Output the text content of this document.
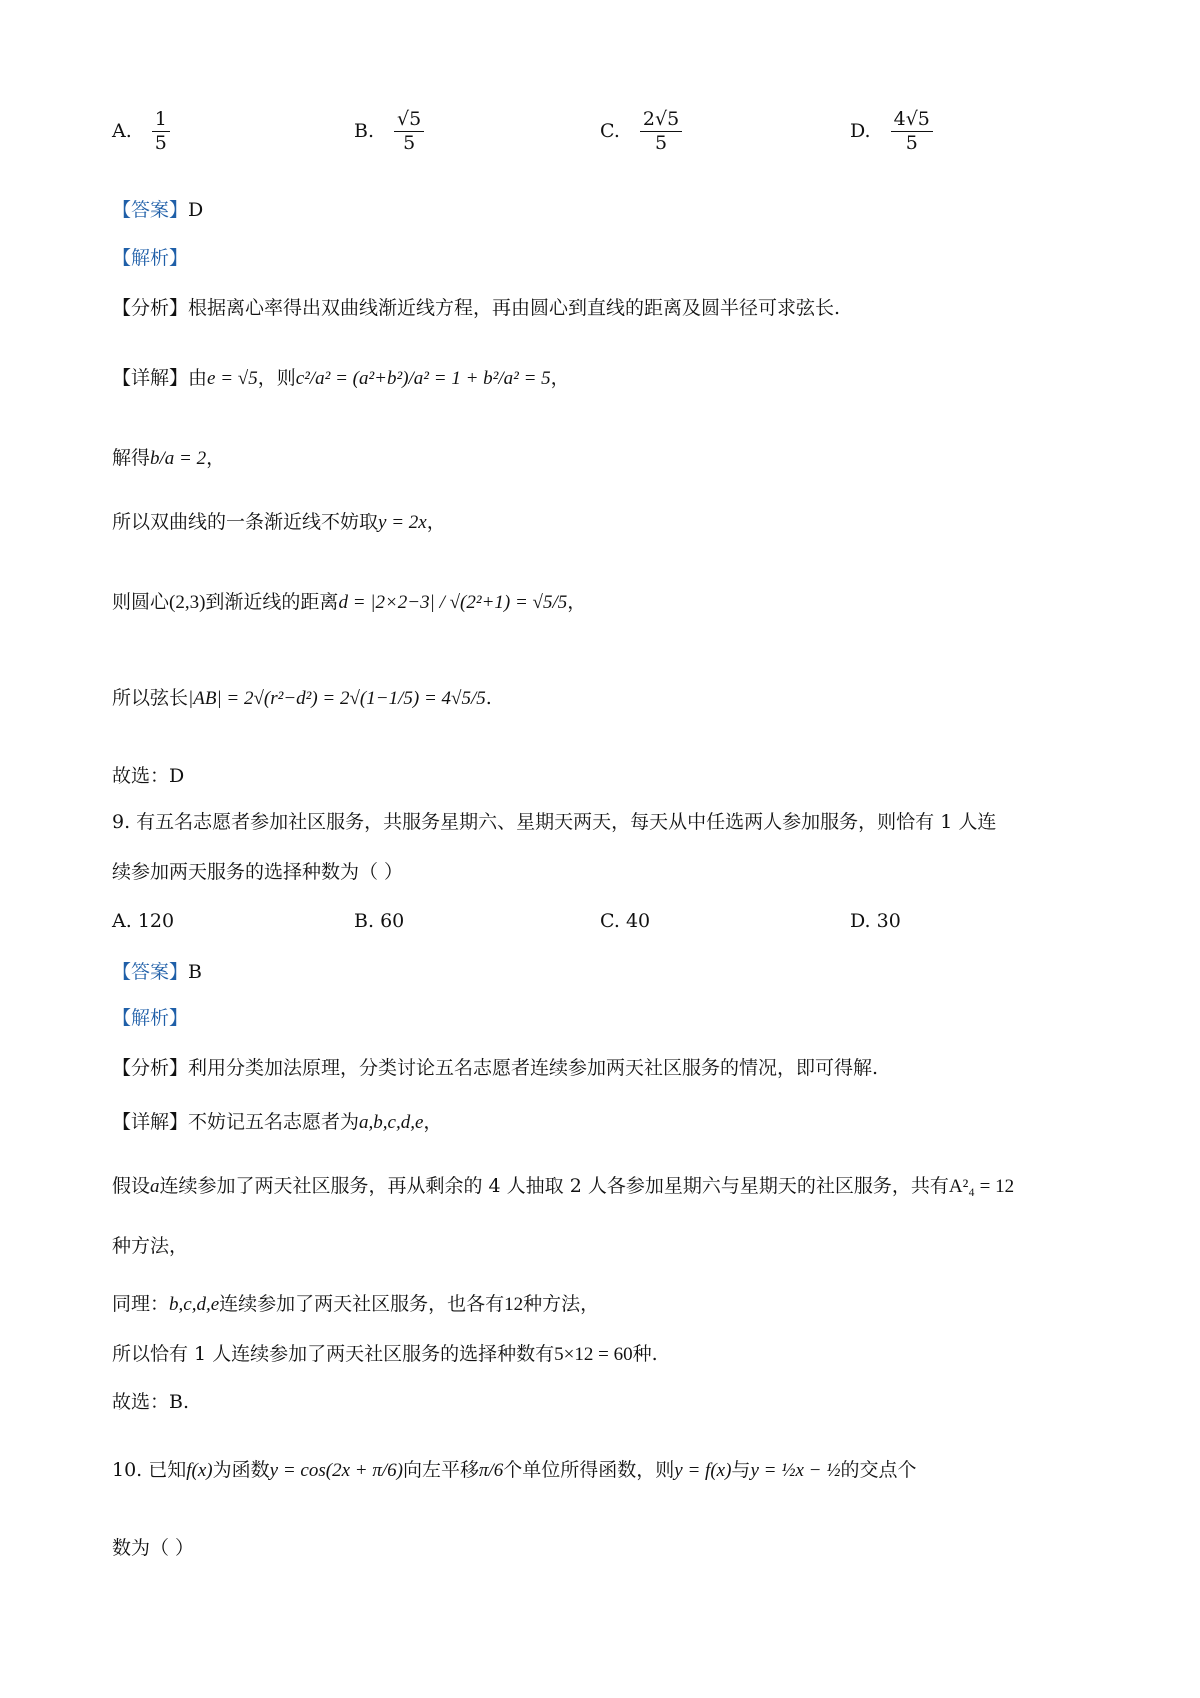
A. $\frac{1}{5}$	B. $\frac{√5}{5}$	C. $\frac{2√5}{5}$	D. $\frac{4√5}{5}$
【答案】D
【解析】
【分析】根据离心率得出双曲线渐近线方程，再由圆心到直线的距离及圆半径可求弦长.
【详解】由e = √5，则c²/a² = (a²+b²)/a² = 1 + b²/a² = 5，
解得b/a = 2，
所以双曲线的一条渐近线不妨取y = 2x，
则圆心(2,3)到渐近线的距离d = |2×2−3| / √(2²+1) = √5/5，
所以弦长|AB| = 2√(r²−d²) = 2√(1−1/5) = 4√5/5.
故选：D
9. 有五名志愿者参加社区服务，共服务星期六、星期天两天，每天从中任选两人参加服务，则恰有 1 人连
续参加两天服务的选择种数为（ ）
A.
120	B.
60	C.
40	D.
30
【答案】B
【解析】
【分析】利用分类加法原理，分类讨论五名志愿者连续参加两天社区服务的情况，即可得解.
【详解】不妨记五名志愿者为a,b,c,d,e，
假设a连续参加了两天社区服务，再从剩余的 4 人抽取 2 人各参加星期六与星期天的社区服务，共有A²₄ = 12
种方法，
同理：b,c,d,e连续参加了两天社区服务，也各有12种方法，
所以恰有 1 人连续参加了两天社区服务的选择种数有5×12 = 60种.
故选：B.
10. 已知f(x)为函数y = cos(2x + π/6)向左平移π/6个单位所得函数，则y = f(x)与y = ½x − ½的交点个
数为（ ）
